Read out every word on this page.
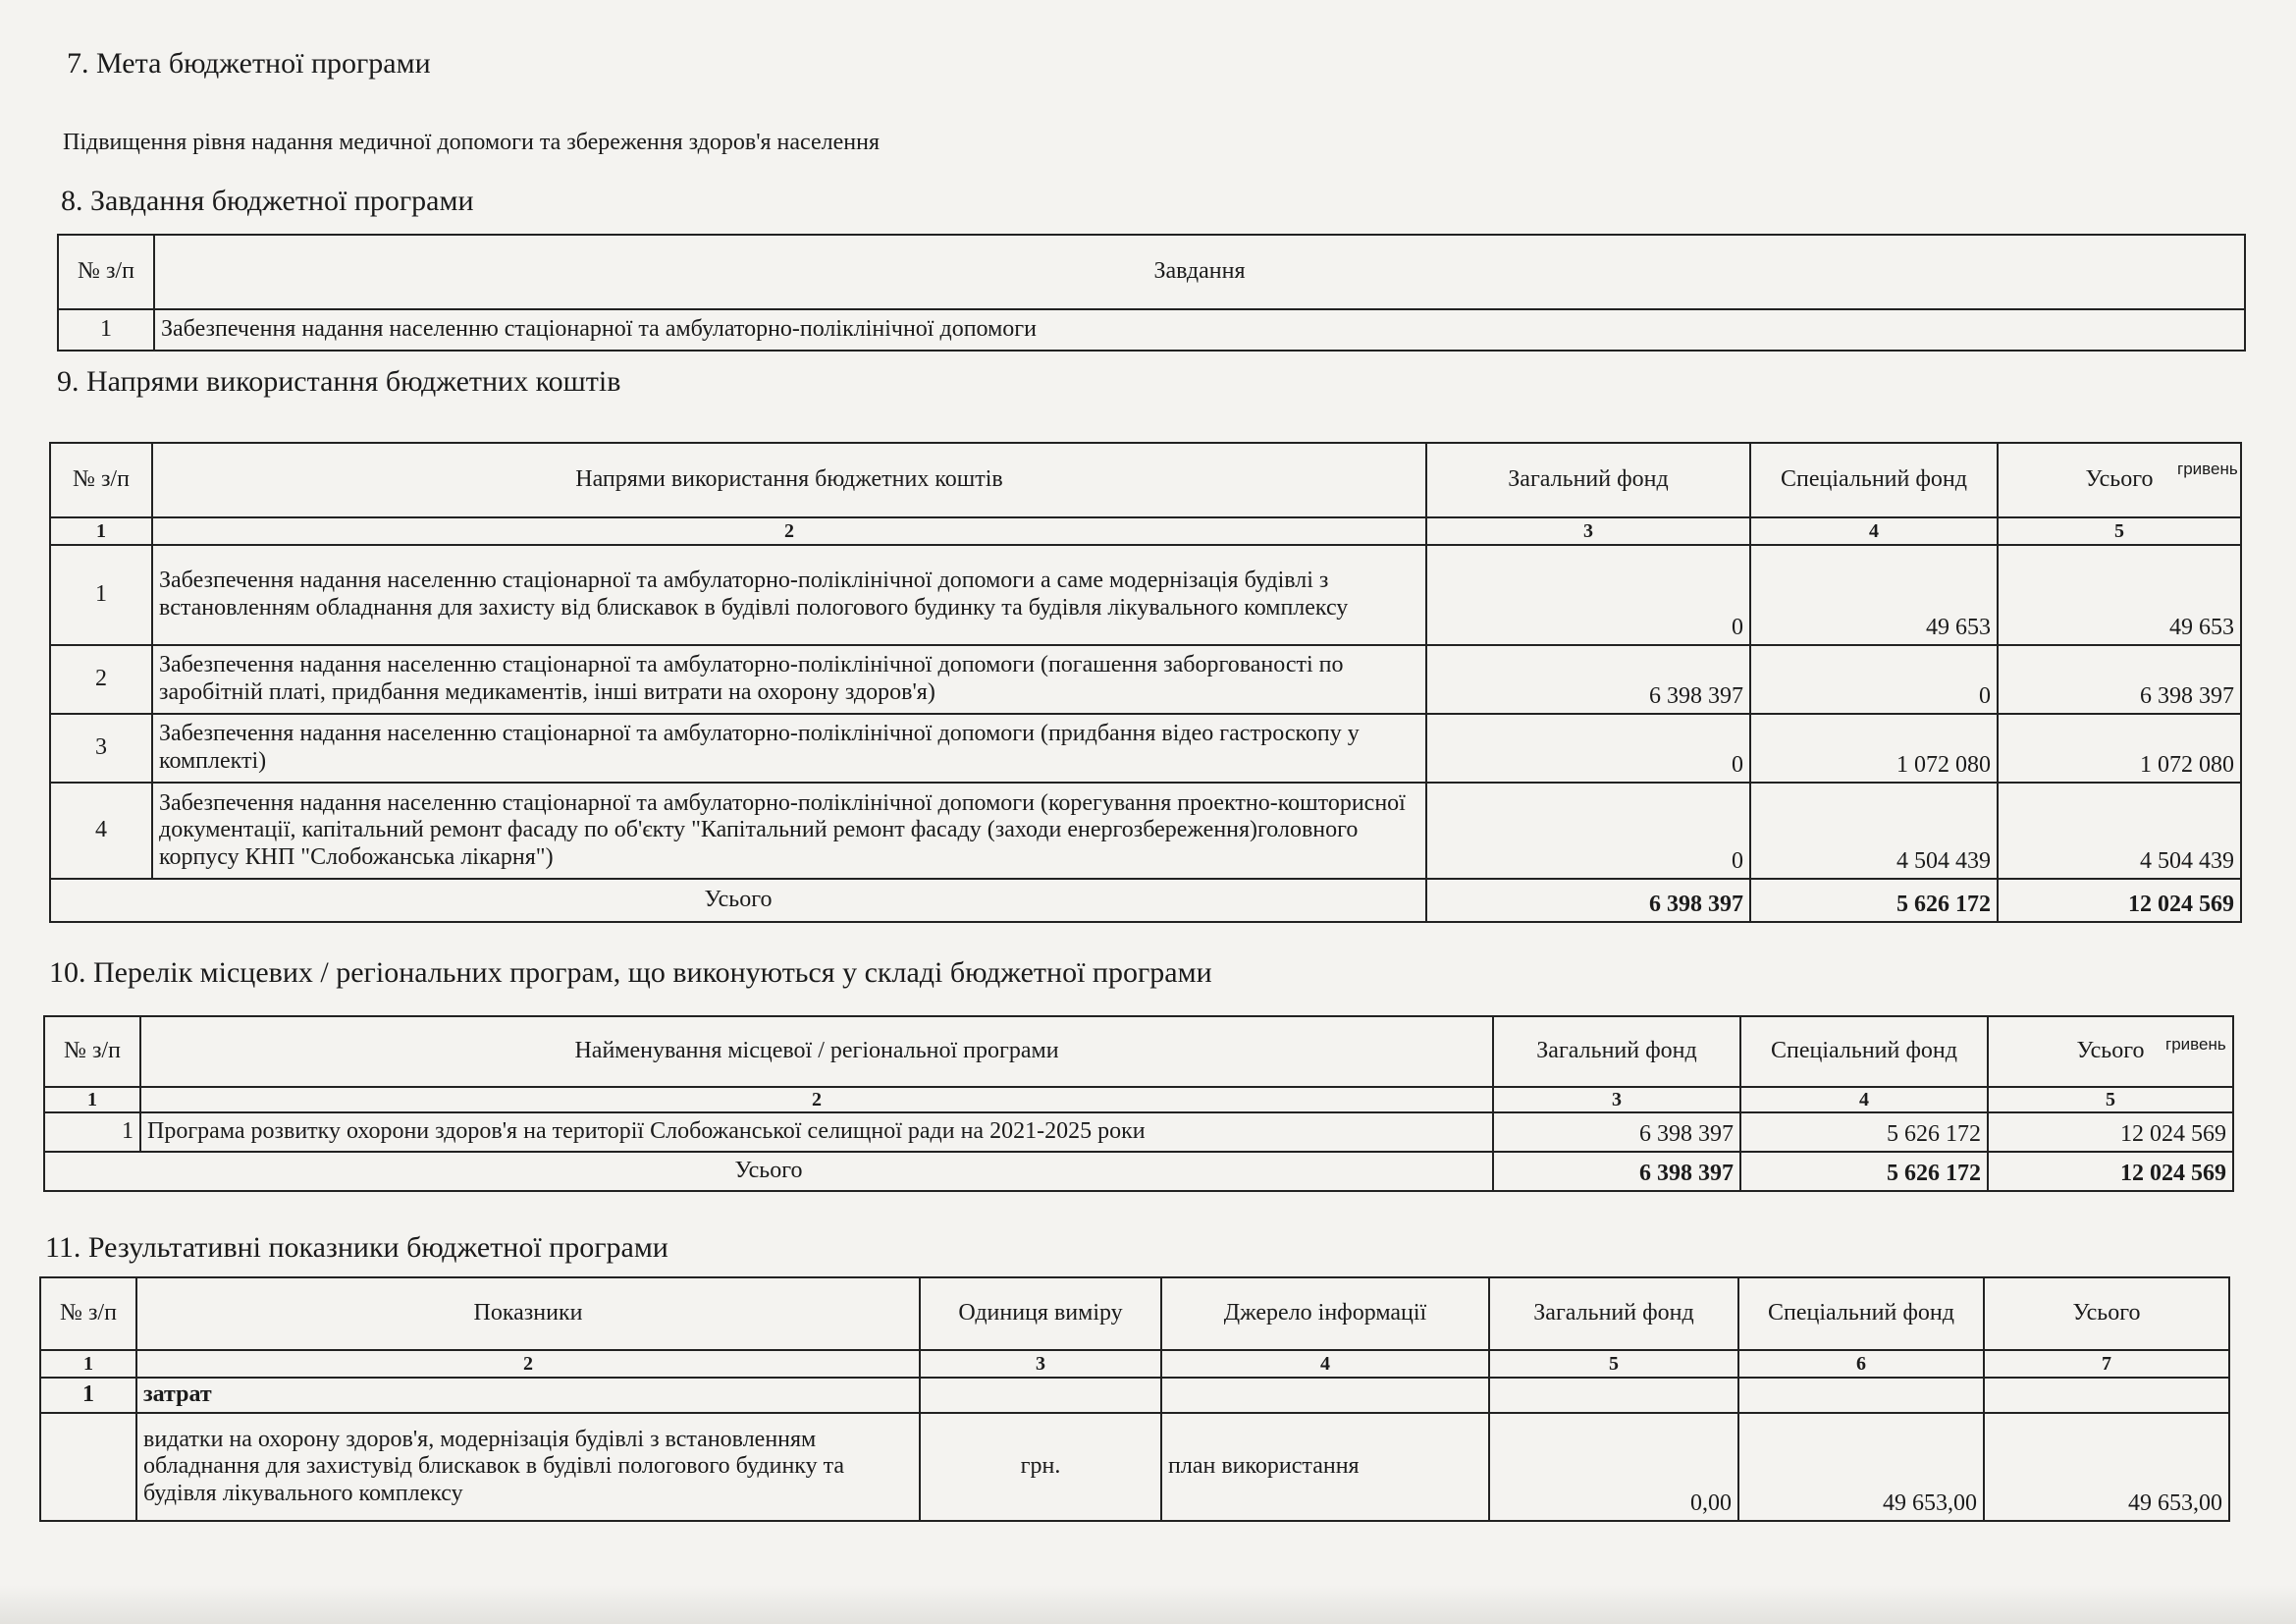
7. Мета бюджетної програми
Підвищення рівня надання медичної допомоги та збереження здоров'я населення
8. Завдання бюджетної програми
№ з/п	Завдання
1	Забезпечення надання населенню стаціонарної та амбулаторно-поліклінічної допомоги
9. Напрями використання бюджетних коштів
гривень
№ з/п	Напрями використання бюджетних коштів	Загальний фонд	Спеціальний фонд	Усього
1	2	3	4	5
1	Забезпечення надання населенню стаціонарної та амбулаторно-поліклінічної допомоги а саме модернізація будівлі з встановленням обладнання для захисту від блискавок в будівлі пологового будинку та будівля лікувального комплексу	0	49 653	49 653
2	Забезпечення надання населенню стаціонарної та амбулаторно-поліклінічної допомоги (погашення заборгованості по заробітній платі, придбання медикаментів, інші витрати на охорону здоров'я)	6 398 397	0	6 398 397
3	Забезпечення надання населенню стаціонарної та амбулаторно-поліклінічної допомоги (придбання відео гастроскопу у комплекті)	0	1 072 080	1 072 080
4	Забезпечення надання населенню стаціонарної та амбулаторно-поліклінічної допомоги (корегування проектно-кошторисної документації, капітальний ремонт фасаду по об'єкту "Капітальний ремонт фасаду (заходи енергозбереження)головного корпусу КНП "Слобожанська лікарня")	0	4 504 439	4 504 439
Усього		6 398 397	5 626 172	12 024 569
10. Перелік місцевих / регіональних програм, що виконуються у складі бюджетної програми
гривень
№ з/п	Найменування місцевої / регіональної програми	Загальний фонд	Спеціальний фонд	Усього
1	2	3	4	5
1	Програма розвитку охорони здоров'я на території Слобожанської селищної ради на 2021-2025 роки	6 398 397	5 626 172	12 024 569
Усього		6 398 397	5 626 172	12 024 569
11. Результативні показники бюджетної програми
№ з/п	Показники	Одиниця виміру	Джерело інформації	Загальний фонд	Спеціальний фонд	Усього
1	2	3	4	5	6	7
1	затрат					
	видатки на охорону здоров'я, модернізація будівлі з встановленням обладнання для захистувід блискавок в будівлі пологового будинку та будівля лікувального комплексу	грн.	план використання	0,00	49 653,00	49 653,00
